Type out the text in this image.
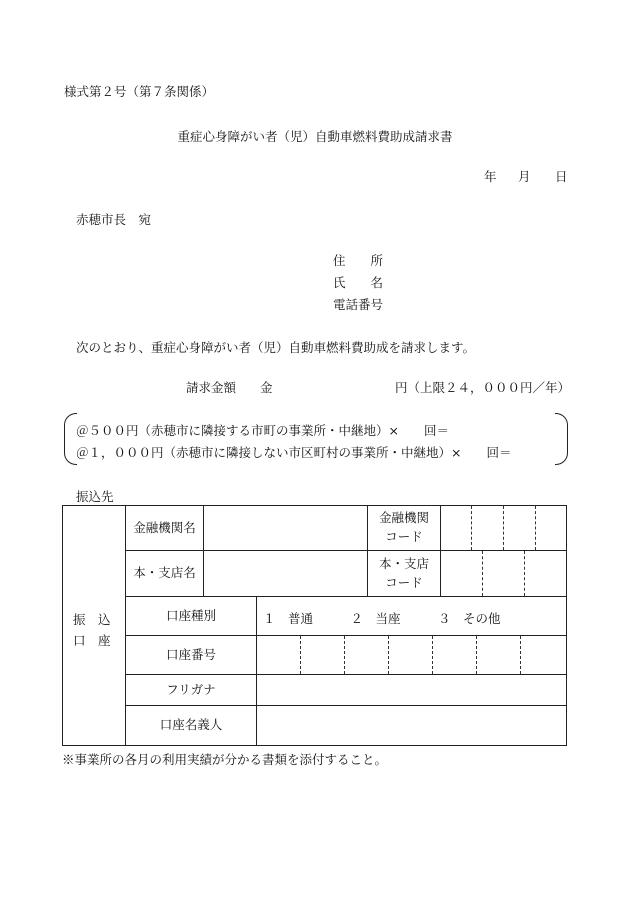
様式第２号（第７条関係）
重症心身障がい者（児）自動車燃料費助成請求書
年 月 日
赤穂市長　宛
住　　所
氏　　名
電話番号
次のとおり、重症心身障がい者（児）自動車燃料費助成を請求します。
請求金額 金	円（上限２４，０００円／年）
＠５００円（赤穂市に隣接する市町の事業所・中継地）×　　回＝
＠１，０００円（赤穂市に隣接しない市区町村の事業所・中継地）×　　回＝
振込先
振　込
口　座
金融機関名
金融機関
コード
本・支店名
本・支店
コード
口座種別	１　普通　　　２　当座　　　３　その他
口座番号
フリガナ
口座名義人
※事業所の各月の利用実績が分かる書類を添付すること。
